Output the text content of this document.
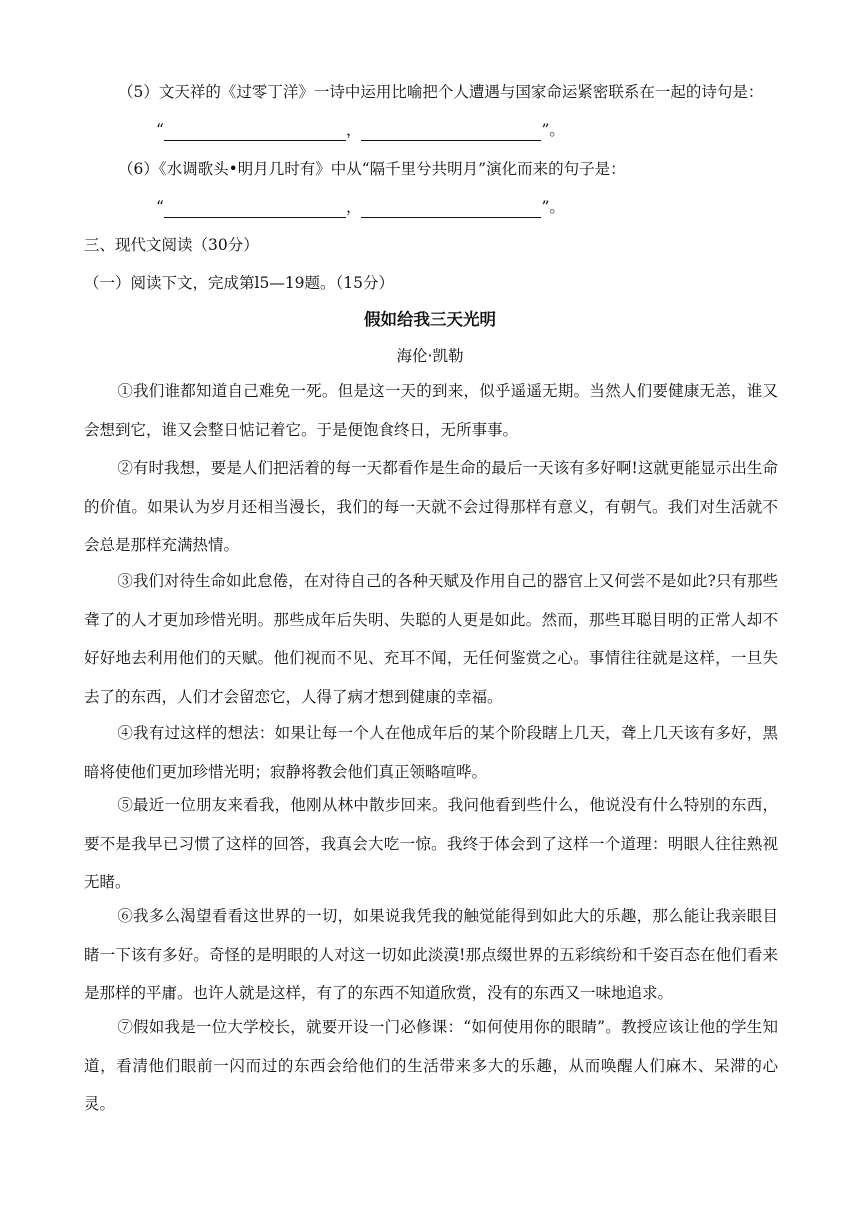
（5）文天祥的《过零丁洋》一诗中运用比喻把个人遭遇与国家命运紧密联系在一起的诗句是：
“	，	”。
（6）《水调歌头•明月几时有》中从“隔千里兮共明月”演化而来的句子是：
“	，	”。
三、现代文阅读（30分）
（一）阅读下文，完成第l5—19题。（15分）
假如给我三天光明
海伦·凯勒
①我们谁都知道自己难免一死。但是这一天的到来，似乎遥遥无期。当然人们要健康无恙，谁又会想到它，谁又会整日惦记着它。于是便饱食终日，无所事事。
②有时我想，要是人们把活着的每一天都看作是生命的最后一天该有多好啊!这就更能显示出生命的价值。如果认为岁月还相当漫长，我们的每一天就不会过得那样有意义，有朝气。我们对生活就不会总是那样充满热情。
③我们对待生命如此怠倦，在对待自己的各种天赋及作用自己的器官上又何尝不是如此?只有那些聋了的人才更加珍惜光明。那些成年后失明、失聪的人更是如此。然而，那些耳聪目明的正常人却不好好地去利用他们的天赋。他们视而不见、充耳不闻，无任何鉴赏之心。事情往往就是这样，一旦失去了的东西，人们才会留恋它，人得了病才想到健康的幸福。
④我有过这样的想法：如果让每一个人在他成年后的某个阶段瞎上几天，聋上几天该有多好，黑暗将使他们更加珍惜光明；寂静将教会他们真正领略喧哗。
⑤最近一位朋友来看我，他刚从林中散步回来。我问他看到些什么，他说没有什么特别的东西，要不是我早已习惯了这样的回答，我真会大吃一惊。我终于体会到了这样一个道理：明眼人往往熟视无睹。
⑥我多么渴望看看这世界的一切，如果说我凭我的触觉能得到如此大的乐趣，那么能让我亲眼目睹一下该有多好。奇怪的是明眼的人对这一切如此淡漠!那点缀世界的五彩缤纷和千姿百态在他们看来是那样的平庸。也许人就是这样，有了的东西不知道欣赏，没有的东西又一味地追求。
⑦假如我是一位大学校长，就要开设一门必修课：“如何使用你的眼睛”。教授应该让他的学生知道，看清他们眼前一闪而过的东西会给他们的生活带来多大的乐趣，从而唤醒人们麻木、呆滞的心灵。
